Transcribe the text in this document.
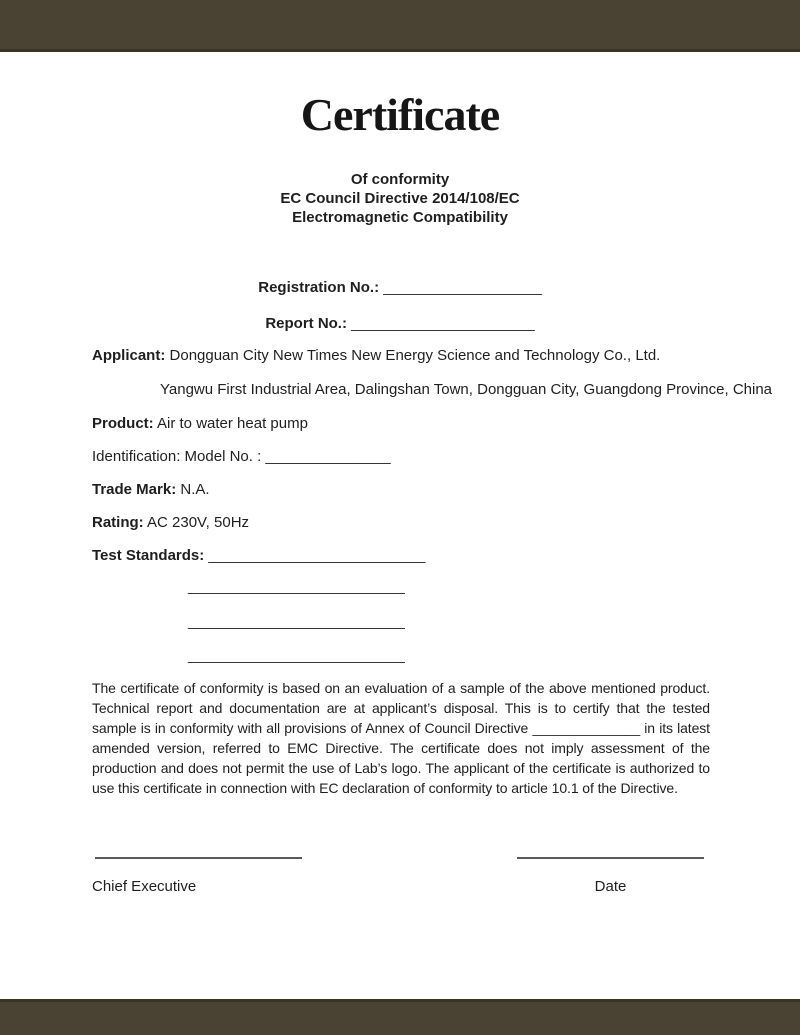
Certificate
Of conformity
EC Council Directive 2014/108/EC
Electromagnetic Compatibility
Registration No.: ___________________
Report No.: ______________________
Applicant: Dongguan City New Times New Energy Science and Technology Co., Ltd.
Yangwu First Industrial Area, Dalingshan Town, Dongguan City, Guangdong Province, China
Product: Air to water heat pump
Identification: Model No. : _______________
Trade Mark: N.A.
Rating: AC 230V, 50Hz
Test Standards: __________________________
__________________________
__________________________
__________________________

The certificate of conformity is based on an evaluation of a sample of the above mentioned product. Technical report and documentation are at applicant’s disposal. This is to certify that the tested sample is in conformity with all provisions of Annex of Council Directive ______________ in its latest amended version, referred to EMC Directive. The certificate does not imply assessment of the production and does not permit the use of Lab’s logo. The applicant of the certificate is authorized to use this certificate in connection with EC declaration of conformity to article 10.1 of the Directive.

Chief Executive	Date
